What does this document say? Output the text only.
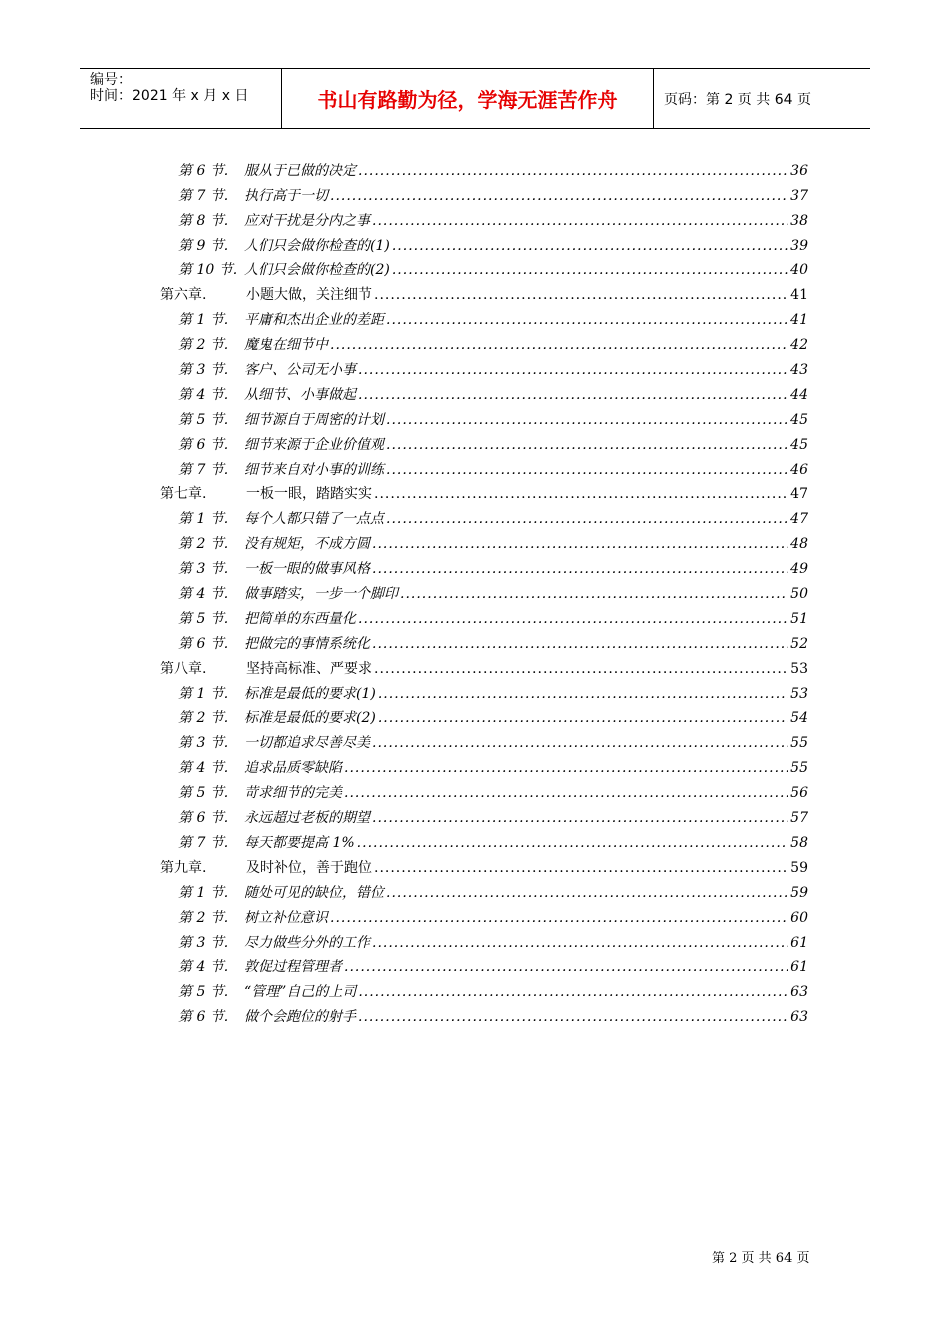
编号：
时间：2021 年 x 月 x 日	书山有路勤为径，学海无涯苦作舟	页码：第 2 页 共 64 页
第 6 节.	服从于已做的决定 .....	36
第 7 节.	执行高于一切 .....	37
第 8 节.	应对干扰是分内之事 .....	38
第 9 节.	人们只会做你检查的(1) .....	39
第 10 节. 人们只会做你检查的(2) .....	40
第六章.	小题大做，关注细节 .....	41
第 1 节.	平庸和杰出企业的差距 .....	41
第 2 节.	魔鬼在细节中 .....	42
第 3 节.	客户、公司无小事 .....	43
第 4 节.	从细节、小事做起 .....	44
第 5 节.	细节源自于周密的计划 .....	45
第 6 节.	细节来源于企业价值观 .....	45
第 7 节.	细节来自对小事的训练 .....	46
第七章.	一板一眼，踏踏实实 .....	47
第 1 节.	每个人都只错了一点点 .....	47
第 2 节.	没有规矩，不成方圆 .....	48
第 3 节.	一板一眼的做事风格 .....	49
第 4 节.	做事踏实，一步一个脚印 .....	50
第 5 节.	把简单的东西量化 .....	51
第 6 节.	把做完的事情系统化 .....	52
第八章.	坚持高标准、严要求 .....	53
第 1 节.	标准是最低的要求(1) .....	53
第 2 节.	标准是最低的要求(2) .....	54
第 3 节.	一切都追求尽善尽美 .....	55
第 4 节.	追求品质零缺陷 .....	55
第 5 节.	苛求细节的完美 .....	56
第 6 节.	永远超过老板的期望 .....	57
第 7 节.	每天都要提高 1% .....	58
第九章.	及时补位，善于跑位 .....	59
第 1 节.	随处可见的缺位，错位 .....	59
第 2 节.	树立补位意识 .....	60
第 3 节.	尽力做些分外的工作 .....	61
第 4 节.	敦促过程管理者 .....	61
第 5 节.	“管理”自己的上司 .....	63
第 6 节.	做个会跑位的射手 .....	63
第 2 页 共 64 页
